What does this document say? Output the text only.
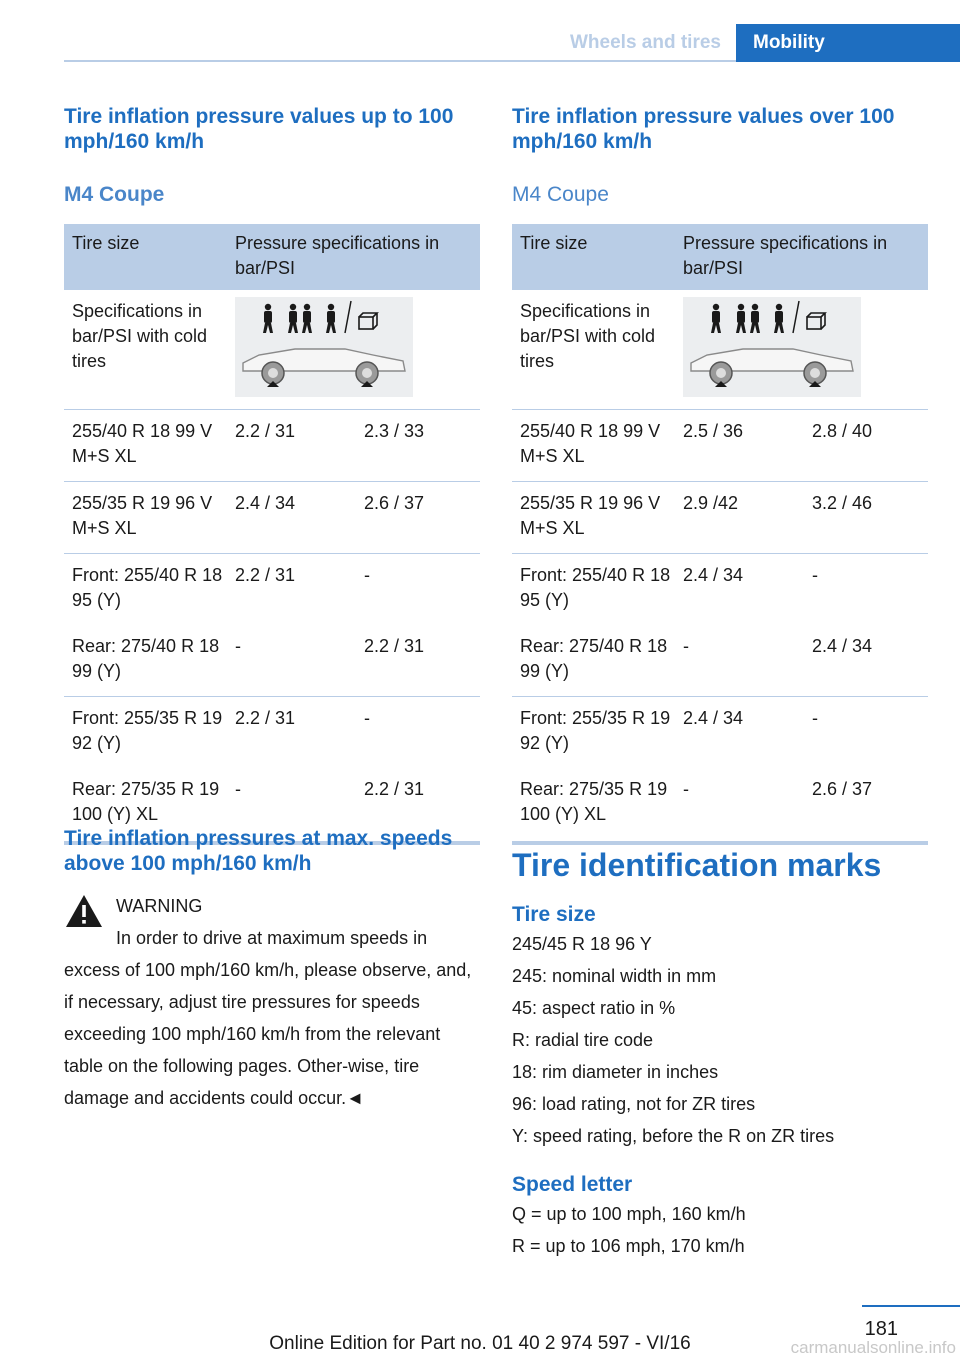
Wheels and tires	Mobility
Tire inflation pressure values up to 100 mph/160 km/h
M4 Coupe
Tire size	Pressure specifications in bar/PSI	
Specifications in bar/PSI with cold tires	

255/40 R 18 99 V M+S XL	2.2 / 31	2.3 / 33
255/35 R 19 96 V M+S XL	2.4 / 34	2.6 / 37
Front: 255/40 R 18 95 (Y)	2.2 / 31	-
Rear: 275/40 R 18 99 (Y)	-	2.2 / 31
Front: 255/35 R 19 92 (Y)	2.2 / 31	-
Rear: 275/35 R 19 100 (Y) XL	-	2.2 / 31
Tire inflation pressures at max. speeds above 100 mph/160 km/h
WARNING
In order to drive at maximum speeds in
excess of 100 mph/160 km/h, please observe, and, if necessary, adjust tire pressures for speeds exceeding 100 mph/160 km/h from the relevant table on the following pages. Other-wise, tire damage and accidents could occur.◄
Tire inflation pressure values over 100 mph/160 km/h
M4 Coupe
Tire size	Pressure specifications in bar/PSI	
Specifications in bar/PSI with cold tires	

255/40 R 18 99 V M+S XL	2.5 / 36	2.8 / 40
255/35 R 19 96 V M+S XL	2.9 /42	3.2 / 46
Front: 255/40 R 18 95 (Y)	2.4 / 34	-
Rear: 275/40 R 18 99 (Y)	-	2.4 / 34
Front: 255/35 R 19 92 (Y)	2.4 / 34	-
Rear: 275/35 R 19 100 (Y) XL	-	2.6 / 37
Tire identification marks
Tire size

245/45 R 18 96 Y

245: nominal width in mm

45: aspect ratio in %

R: radial tire code

18: rim diameter in inches

96: load rating, not for ZR tires

Y: speed rating, before the R on ZR tires

Speed letter

Q = up to 100 mph, 160 km/h

R = up to 106 mph, 170 km/h

181
Online Edition for Part no. 01 40 2 974 597 - VI/16	carmanualsonline.info
